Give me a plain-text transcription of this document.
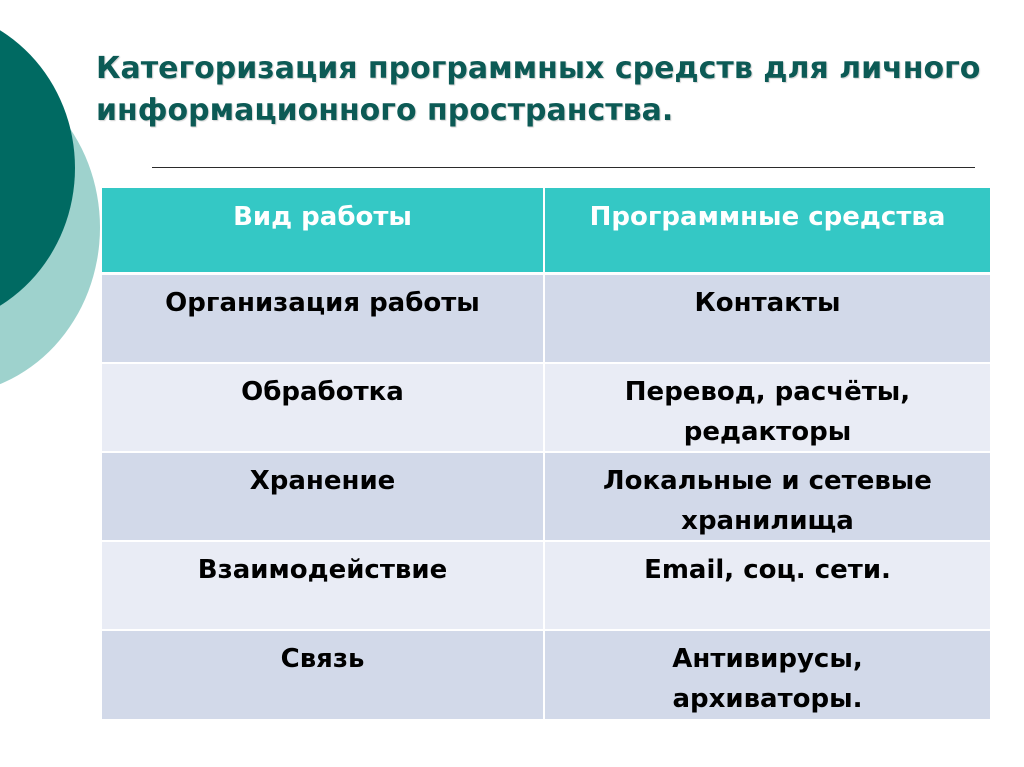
Категоризация программных средств для личного информационного пространства.
Вид работы	Программные средства
Организация работы	Контакты
Обработка	Перевод, расчёты, редакторы
Хранение	Локальные и сетевые хранилища
Взаимодействие	Email, соц. сети.
Связь	Антивирусы, архиваторы.
